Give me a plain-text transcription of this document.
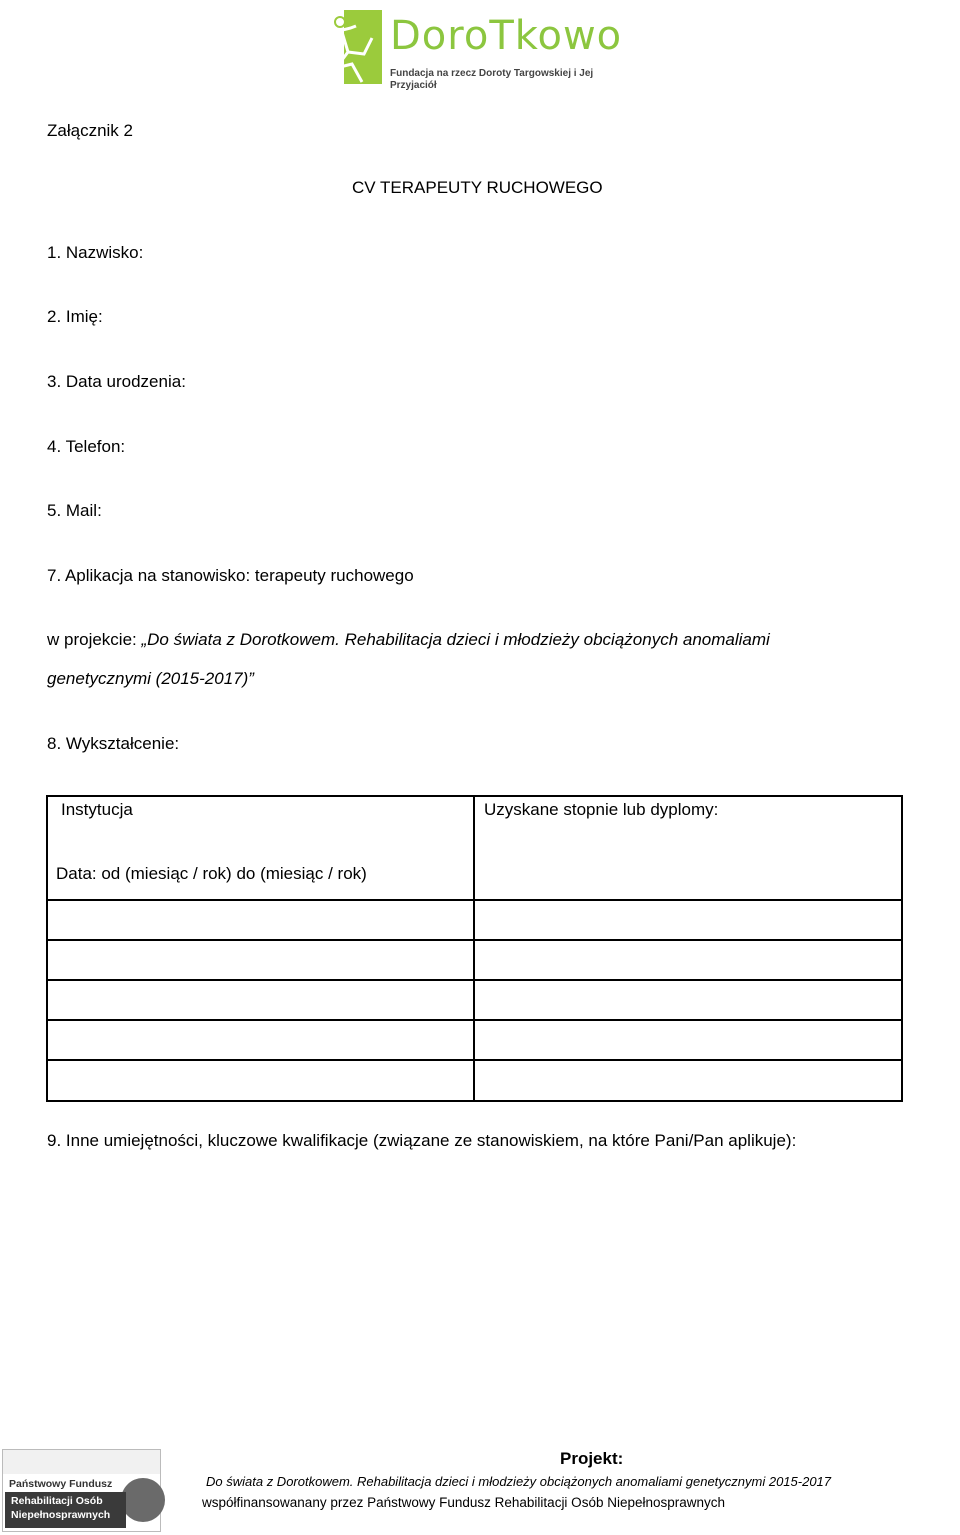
DoroTkowo
Fundacja na rzecz Doroty Targowskiej i Jej Przyjaciół
Załącznik 2
CV TERAPEUTY RUCHOWEGO
1. Nazwisko:
2. Imię:
3. Data urodzenia:
4. Telefon:
5. Mail:
7. Aplikacja na stanowisko: terapeuty ruchowego
w projekcie: „Do świata z Dorotkowem. Rehabilitacja dzieci i młodzieży obciążonych anomaliami
genetycznymi (2015-2017)”
8. Wykształcenie:
Instytucja
Data: od (miesiąc / rok) do (miesiąc / rok)
Uzyskane stopnie lub dyplomy:
9. Inne umiejętności, kluczowe kwalifikacje (związane ze stanowiskiem, na które Pani/Pan aplikuje):
Państwowy Fundusz
Rehabilitacji Osób
Niepełnosprawnych
Projekt:
Do świata z Dorotkowem. Rehabilitacja dzieci i młodzieży obciążonych anomaliami genetycznymi 2015-2017
współfinansowanany przez Państwowy Fundusz Rehabilitacji Osób Niepełnosprawnych
